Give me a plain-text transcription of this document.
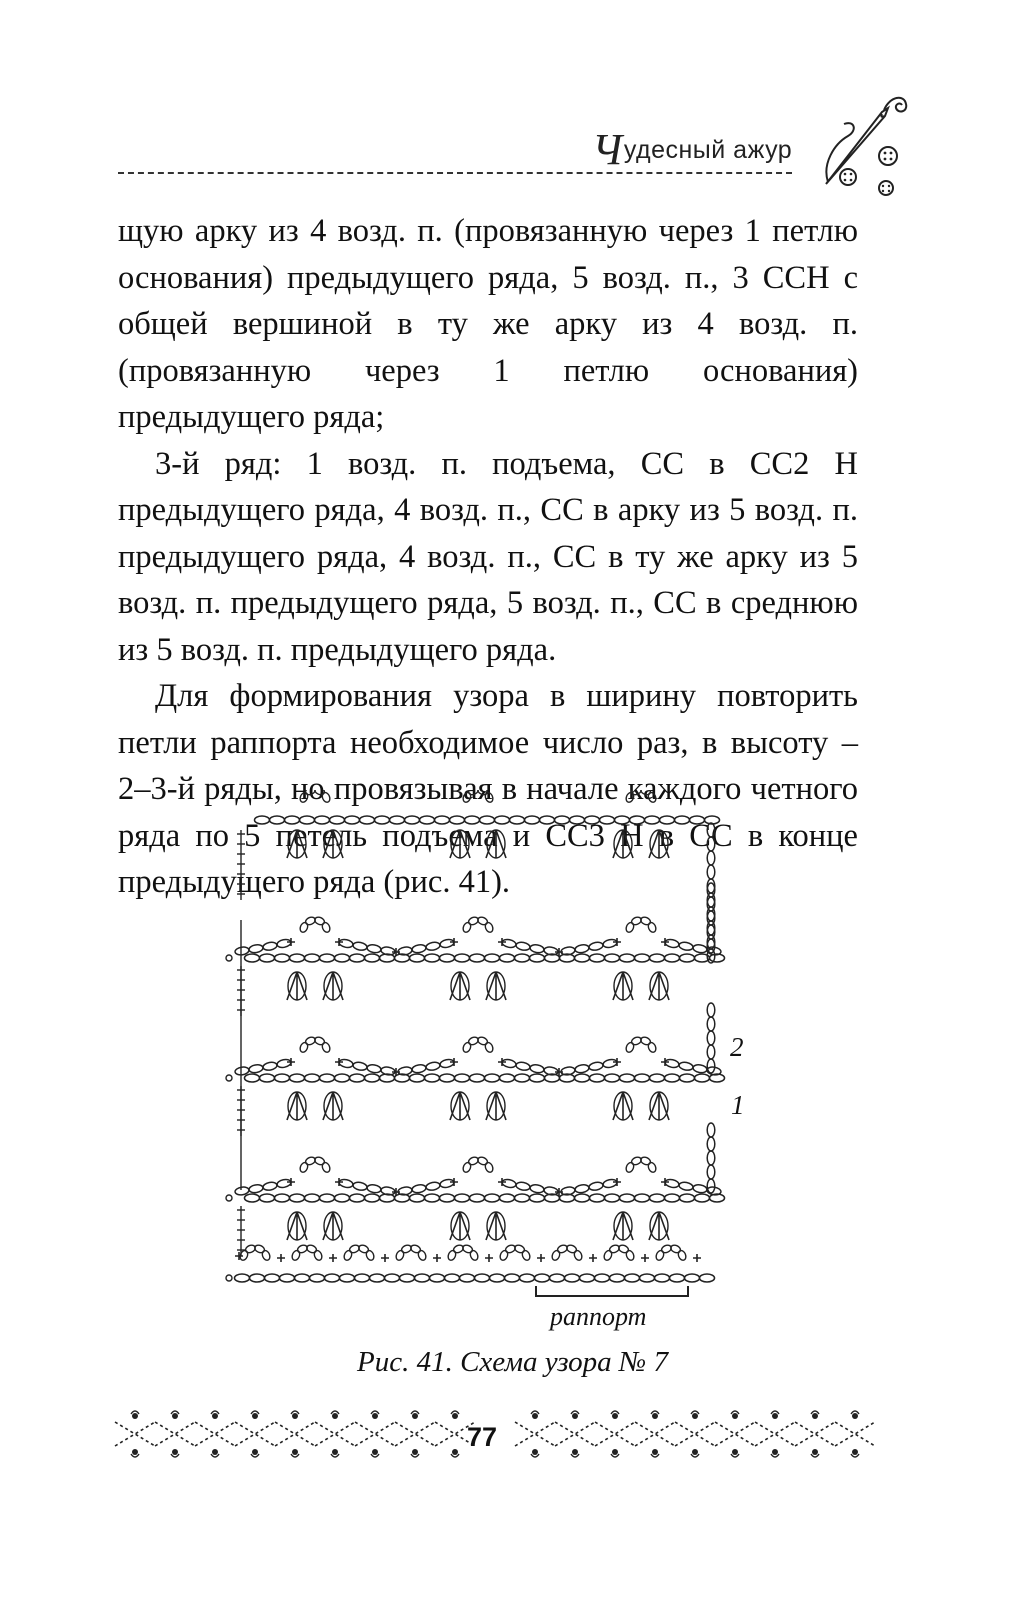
Чудесный ажур

щую арку из 4 возд. п. (провязанную через 1 петлю основания) предыдущего ряда, 5 возд. п., 3 ССН с общей вершиной в ту же арку из 4 возд. п. (провязанную через 1 петлю основания) предыдущего ряда;

3-й ряд: 1 возд. п. подъема, СС в СС2 Н предыдущего ряда, 4 возд. п., СС в арку из 5 возд. п. предыдущего ряда, 4 возд. п., СС в ту же арку из 5 возд. п. предыдущего ряда, 5 возд. п., СС в среднюю из 5 возд. п. предыдущего ряда.

Для формирования узора в ширину повторить петли раппорта необходимое число раз, в высоту – 2–3-й ряды, но провязывая в начале каждого четного ряда по 5 петель подъема и СС3 Н в СС в конце предыдущего ряда (рис. 41).

2
1
раппорт
Рис. 41. Схема узора № 7
77
